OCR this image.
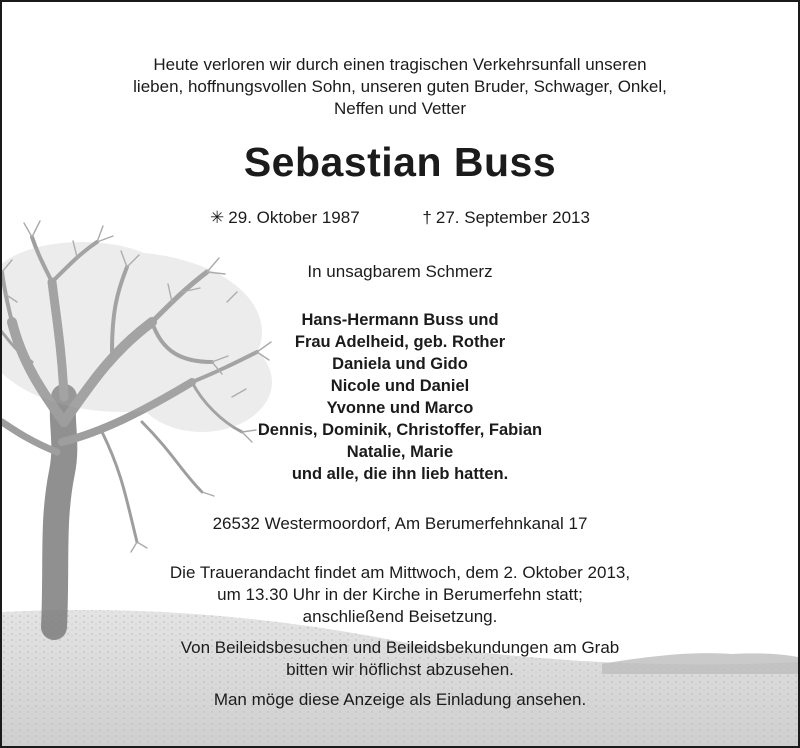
Heute verloren wir durch einen tragischen Verkehrsunfall unseren
lieben, hoffnungsvollen Sohn, unseren guten Bruder, Schwager, Onkel,
Neffen und Vetter
Sebastian Buss
✳ 29. Oktober 1987	† 27. September 2013
In unsagbarem Schmerz
Hans-Hermann Buss und
Frau Adelheid, geb. Rother
Daniela und Gido
Nicole und Daniel
Yvonne und Marco
Dennis, Dominik, Christoffer, Fabian
Natalie, Marie
und alle, die ihn lieb hatten.
26532 Westermoordorf, Am Berumerfehnkanal 17
Die Trauerandacht findet am Mittwoch, dem 2. Oktober 2013,
um 13.30 Uhr in der Kirche in Berumerfehn statt;
anschließend Beisetzung.
Von Beileidsbesuchen und Beileidsbekundungen am Grab
bitten wir höflichst abzusehen.
Man möge diese Anzeige als Einladung ansehen.
